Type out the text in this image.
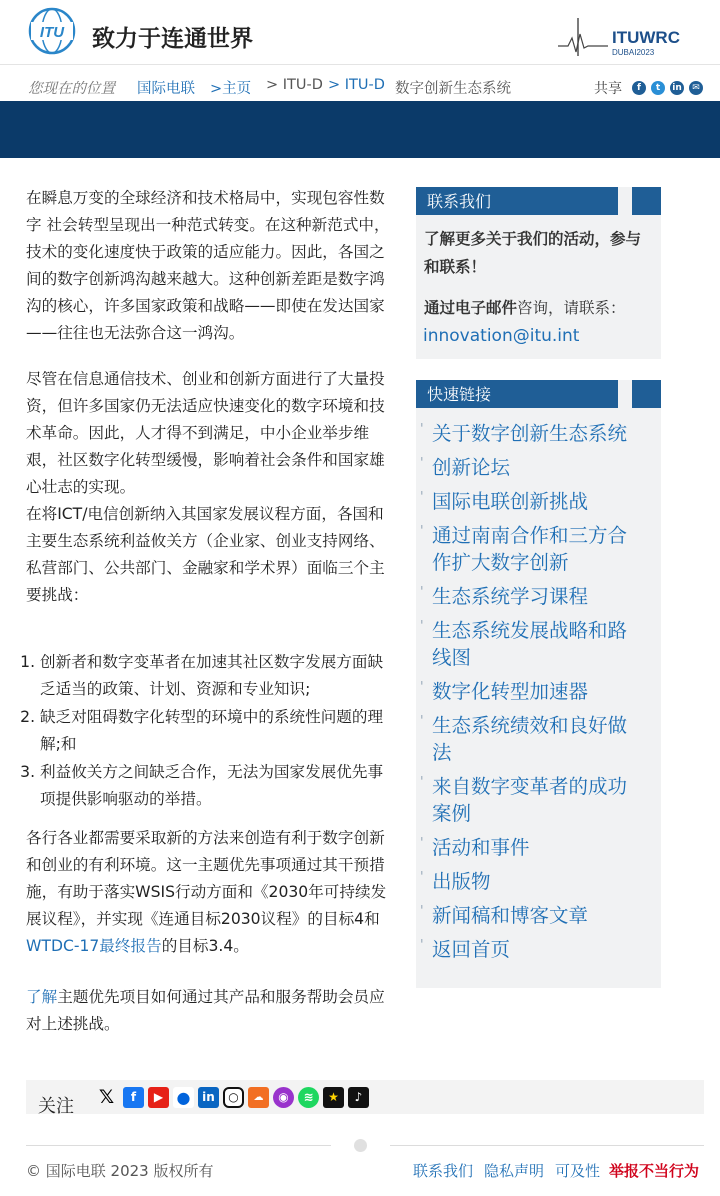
ITU 致力于连通世界	ITUWRC
DUBAI2023
您现在的位置 国际电联 >主页 > ITU-D > ITU-D 数字创新生态系统	共享	f	t	in	✉

在瞬息万变的全球经济和技术格局中，实现包容性数字 社会转型呈现出一种范式转变。在这种新范式中，技术的变化速度快于政策的适应能力。因此，各国之间的数字创新鸿沟越来越大。这种创新差距是数字鸿沟的核心，许多国家政策和战略——即使在发达国家——往往也无法弥合这一鸿沟。

尽管在信息通信技术、创业和创新方面进行了大量投资，但许多国家仍无法适应快速变化的数字环境和技术革命。因此，人才得不到满足，中小企业举步维艰，社区数字化转型缓慢，影响着社会条件和国家雄心壮志的实现。

在将ICT/电信创新纳入其国家发展议程方面，各国和主要生态系统利益攸关方（企业家、创业支持网络、私营部门、公共部门、金融家和学术界）面临三个主要挑战：

1. 创新者和数字变革者在加速其社区数字发展方面缺乏适当的政策、计划、资源和专业知识;
2. 缺乏对阻碍数字化转型的环境中的系统性问题的理解;和
3. 利益攸关方之间缺乏合作，无法为国家发展优先事项提供影响驱动的举措。

各行各业都需要采取新的方法来创造有利于数字创新和创业的有利环境。这一主题优先事项通过其干预措施，有助于落实WSIS行动方面和《2030年可持续发展议程》，并实现《连通目标2030议程》的目标4和WTDC-17最终报告的目标3.4。

了解主题优先项目如何通过其产品和服务帮助会员应对上述挑战。

联系我们
了解更多关于我们的活动，参与和联系！
通过电子邮件咨询，请联系：
innovation@itu.int
快速链接
' 关于数字创新生态系统
' 创新论坛
' 国际电联创新挑战
' 通过南南合作和三方合作扩大数字创新
' 生态系统学习课程
' 生态系统发展战略和路线图
' 数字化转型加速器
' 生态系统绩效和良好做法
' 来自数字变革者的成功案例
' 活动和事件
' 出版物
' 新闻稿和博客文章
' 返回首页
关注 𝕏	f	▶ ● in	○	☁	◉	≋	★	♪
© 国际电联 2023 版权所有	联系我们 隐私声明 可及性 举报不当行为
